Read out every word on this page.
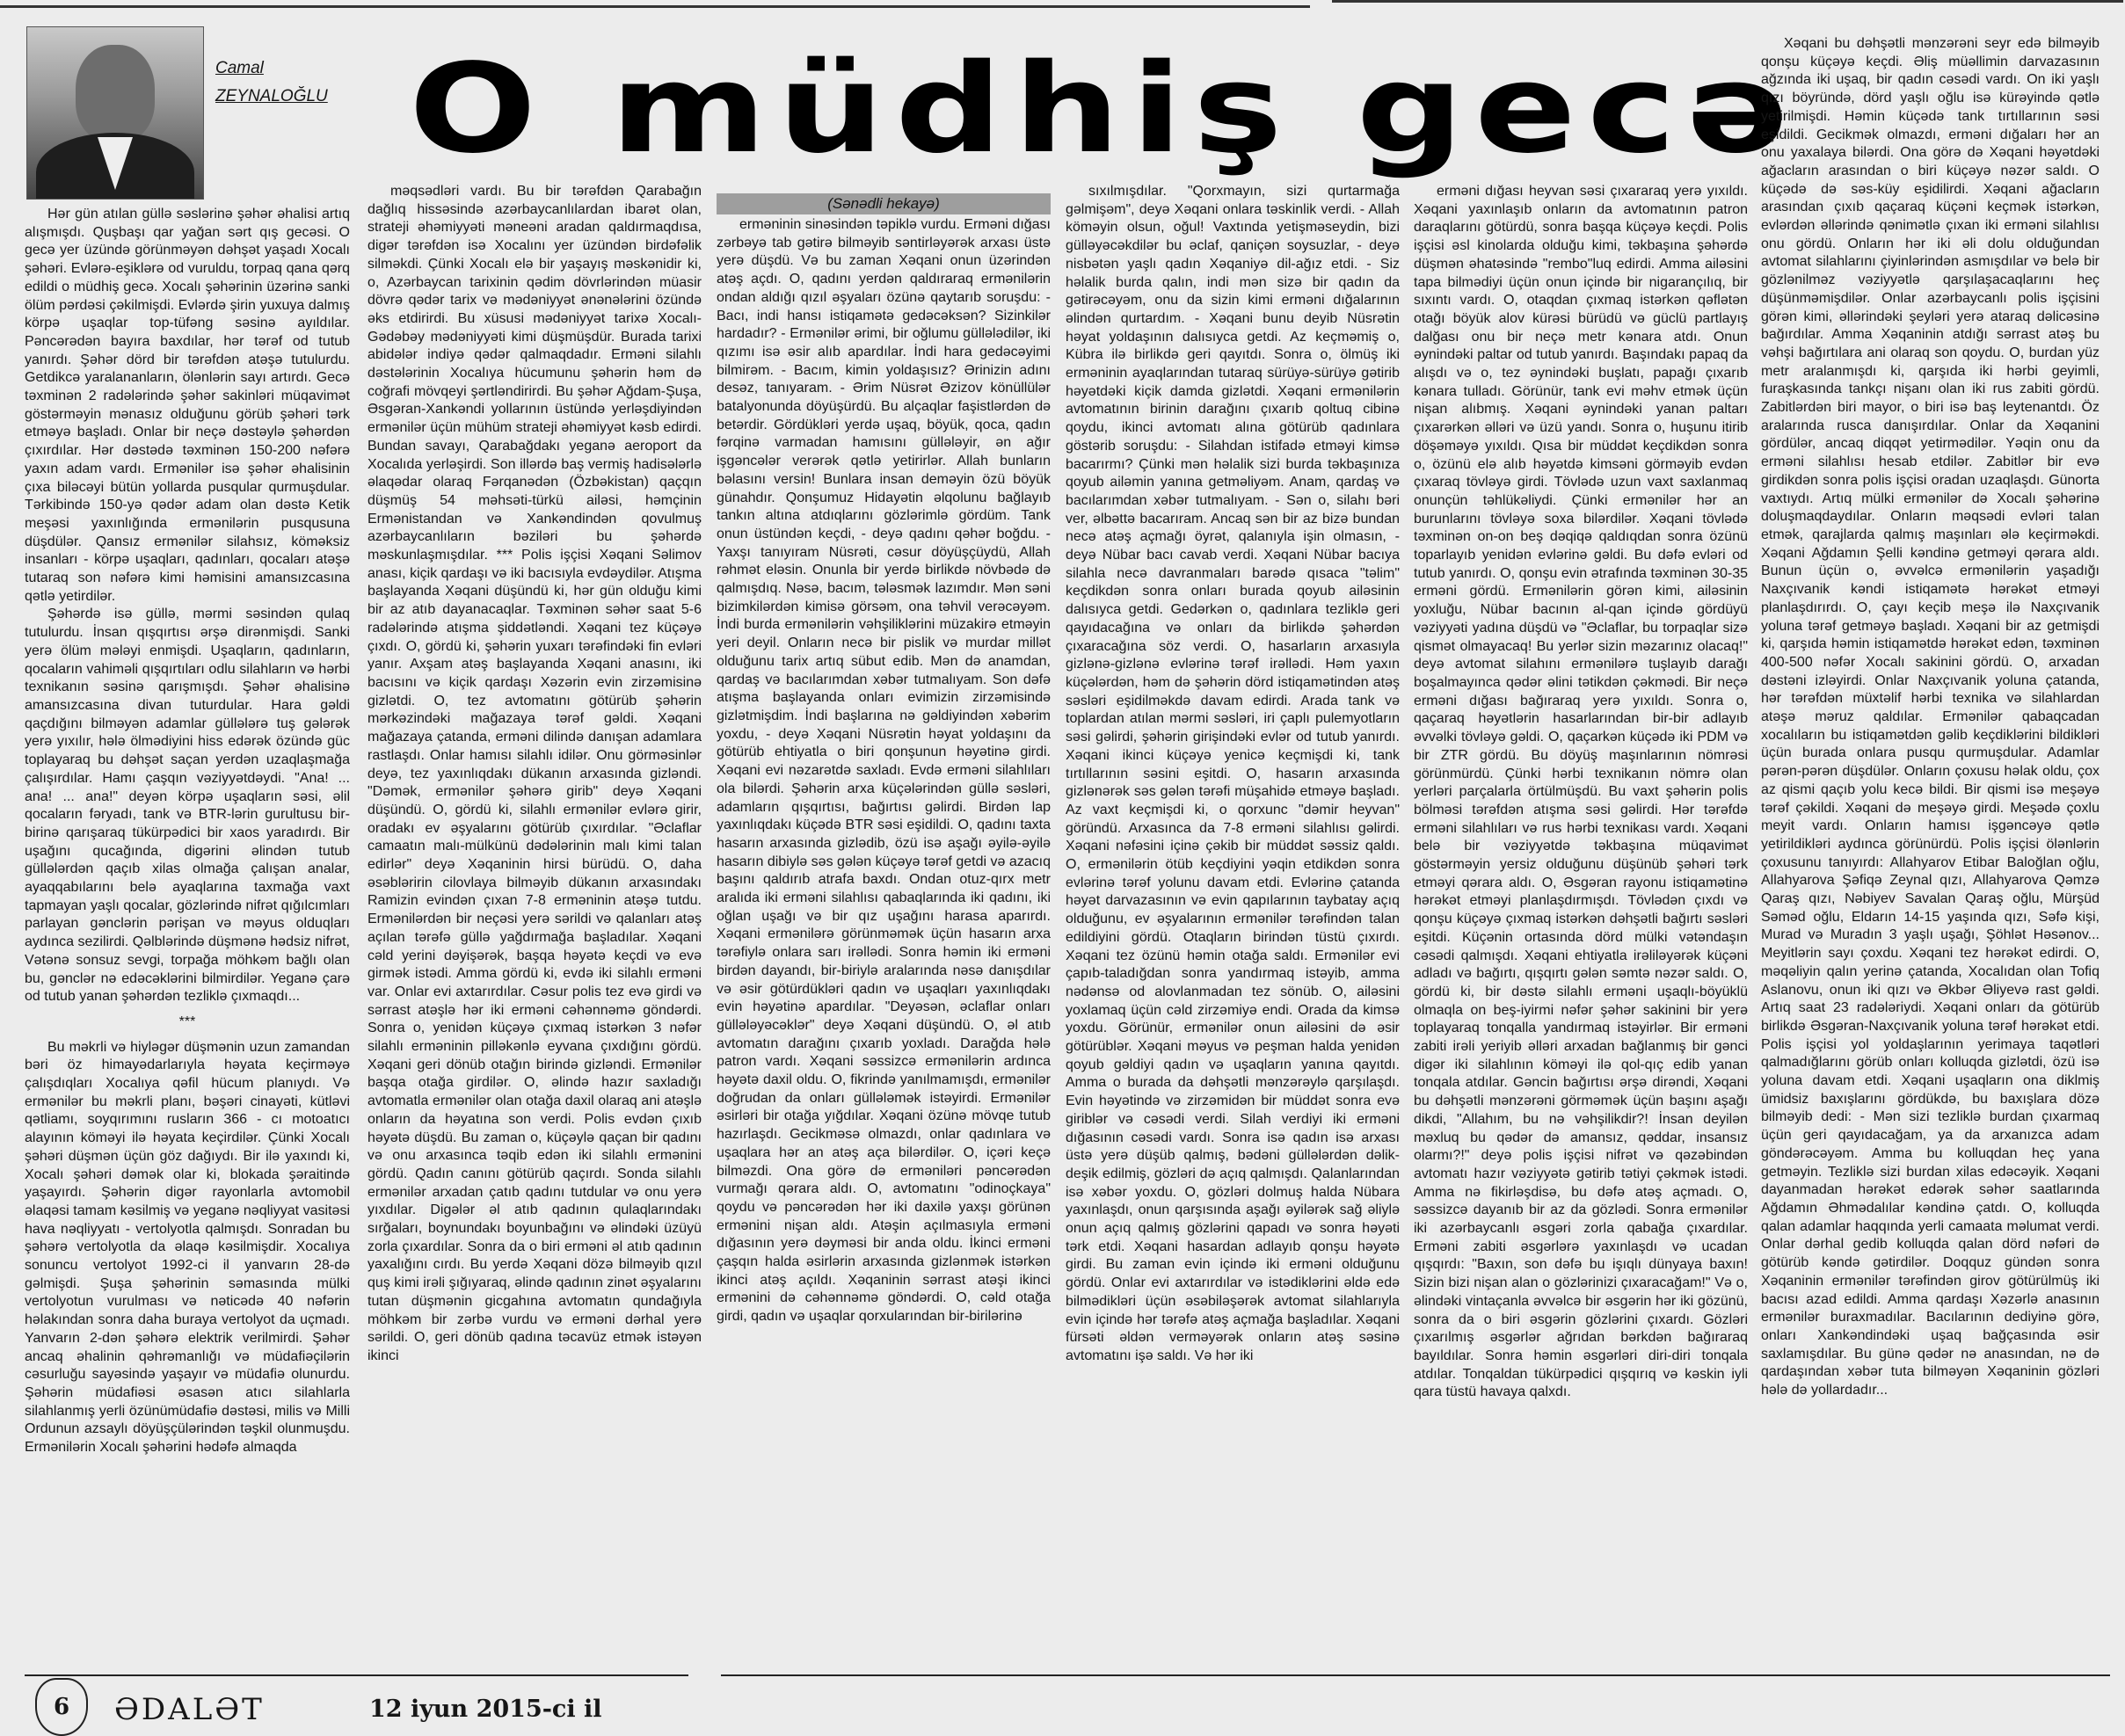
Camal
ZEYNALOĞLU O müdhiş gecə

Hər gün atılan güllə səslərinə şəhər əhalisi artıq alışmışdı. Quşbaşı qar yağan sərt qış gecəsi. O gecə yer üzündə görünməyən dəhşət yaşadı Xocalı şəhəri. Evlərə-eşiklərə od vuruldu, torpaq qana qərq edildi o müdhiş gecə. Xocalı şəhərinin üzərinə sanki ölüm pərdəsi çəkilmişdi. Evlərdə şirin yuxuya dalmış körpə uşaqlar top-tüfəng səsinə ayıldılar. Pəncərədən bayıra baxdılar, hər tərəf od tutub yanırdı. Şəhər dörd bir tərəfdən atəşə tutulurdu. Getdikcə yaralananların, ölənlərin sayı artırdı. Gecə təxminən 2 radələrində şəhər sakinləri müqavimət göstərməyin mənasız olduğunu görüb şəhəri tərk etməyə başladı. Onlar bir neçə dəstəylə şəhərdən çıxırdılar. Hər dəstədə təxminən 150-200 nəfərə yaxın adam vardı. Ermənilər isə şəhər əhalisinin çıxa biləcəyi bütün yollarda pusqular qurmuşdular. Tərkibində 150-yə qədər adam olan dəstə Ketik meşəsi yaxınlığında ermənilərin pusqusuna düşdülər. Qansız ermənilər silahsız, köməksiz insanları - körpə uşaqları, qadınları, qocaları atəşə tutaraq son nəfərə kimi həmisini amansızcasına qətlə yetirdilər.

Şəhərdə isə güllə, mərmi səsindən qulaq tutulurdu. İnsan qışqırtısı ərşə dirənmişdi. Sanki yerə ölüm mələyi enmişdi. Uşaqların, qadınların, qocaların vahiməli qışqırtıları odlu silahların və hərbi texnikanın səsinə qarışmışdı. Şəhər əhalisinə amansızcasına divan tuturdular. Hara gəldi qaçdığını bilməyən adamlar güllələrə tuş gələrək yerə yıxılır, hələ ölmədiyini hiss edərək özündə güc toplayaraq bu dəhşət saçan yerdən uzaqlaşmağa çalışırdılar. Hamı çaşqın vəziyyətdəydi. "Ana! ... ana! ... ana!" deyən körpə uşaqların səsi, əlil qocaların fəryadı, tank və BTR-lərin gurultusu bir-birinə qarışaraq tükürpədici bir xaos yaradırdı. Bir uşağını qucağında, digərini əlindən tutub güllələrdən qaçıb xilas olmağa çalışan analar, ayaqqabılarını belə ayaqlarına taxmağa vaxt tapmayan yaşlı qocalar, gözlərində nifrət qığılcımları parlayan gənclərin pərişan və məyus olduqları aydınca sezilirdi. Qəlblərində düşmənə hədsiz nifrət, Vətənə sonsuz sevgi, torpağa möhkəm bağlı olan bu, gənclər nə edəcəklərini bilmirdilər. Yeganə çarə od tutub yanan şəhərdən tezliklə çıxmaqdı...

***

Bu məkrli və hiyləgər düşmənin uzun zamandan bəri öz himayədarlarıyla həyata keçirməyə çalışdıqları Xocalıya qəfil hücum planıydı. Və ermənilər bu məkrli planı, bəşəri cinayəti, kütləvi qətliamı, soyqırımını rusların 366 - cı motoatıcı alayının köməyi ilə həyata keçirdilər. Çünki Xocalı şəhəri düşmən üçün göz dağıydı. Bir ilə yaxındı ki, Xocalı şəhəri dəmək olar ki, blokada şəraitində yaşayırdı. Şəhərin digər rayonlarla avtomobil əlaqəsi tamam kəsilmiş və yeganə nəqliyyat vasitəsi hava nəqliyyatı - vertolyotla qalmışdı. Sonradan bu şəhərə vertolyotla da əlaqə kəsilmişdir. Xocalıya sonuncu vertolyot 1992-ci il yanvarın 28-də gəlmişdi. Şuşa şəhərinin səmasında mülki vertolyotun vurulması və nəticədə 40 nəfərin həlakından sonra daha buraya vertolyot da uçmadı. Yanvarın 2-dən şəhərə elektrik verilmirdi. Şəhər ancaq əhalinin qəhrəmanlığı və müdafiəçilərin cəsurluğu sayəsində yaşayır və müdafiə olunurdu. Şəhərin müdafiəsi əsasən atıcı silahlarla silahlanmış yerli özünümüdafiə dəstəsi, milis və Milli Ordunun azsaylı döyüşçülərindən təşkil olunmuşdu. Ermənilərin Xocalı şəhərini hədəfə almaqda

məqsədləri vardı. Bu bir tərəfdən Qarabağın dağlıq hissəsində azərbaycanlılardan ibarət olan, strateji əhəmiyyəti məneəni aradan qaldırmaqdısa, digər tərəfdən isə Xocalını yer üzündən birdəfəlik silməkdi. Çünki Xocalı elə bir yaşayış məskənidir ki, o, Azərbaycan tarixinin qədim dövrlərindən müasir dövrə qədər tarix və mədəniyyət ənənələrini özündə əks etdirirdi. Bu xüsusi mədəniyyət tarixə Xocalı-Gədəbəy mədəniyyəti kimi düşmüşdür. Burada tarixi abidələr indiyə qədər qalmaqdadır. Erməni silahlı dəstələrinin Xocalıya hücumunu şəhərin həm də coğrafi mövqeyi şərtləndirirdi. Bu şəhər Ağdam-Şuşa, Əsgəran-Xankəndi yollarının üstündə yerləşdiyindən ermənilər üçün mühüm strateji əhəmiyyət kəsb edirdi. Bundan savayı, Qarabağdakı yeganə aeroport da Xocalıda yerləşirdi. Son illərdə baş vermiş hadisələrlə əlaqədar olaraq Fərqanədən (Özbəkistan) qaçqın düşmüş 54 məhsəti-türkü ailəsi, həmçinin Ermənistandan və Xankəndindən qovulmuş azərbaycanlıların bəziləri bu şəhərdə məskunlaşmışdılar. *** Polis işçisi Xəqani Səlimov anası, kiçik qardaşı və iki bacısıyla evdəydilər. Atışma başlayanda Xəqani düşündü ki, hər gün olduğu kimi bir az atıb dayanacaqlar. Təxminən səhər saat 5-6 radələrində atışma şiddətləndi. Xəqani tez küçəyə çıxdı. O, gördü ki, şəhərin yuxarı tərəfindəki fin evləri yanır. Axşam atəş başlayanda Xəqani anasını, iki bacısını və kiçik qardaşı Xəzərin evin zirzəmisinə gizlətdi. O, tez avtomatını götürüb şəhərin mərkəzindəki mağazaya tərəf gəldi. Xəqani mağazaya çatanda, erməni dilində danışan adamlara rastlaşdı. Onlar hamısı silahlı idilər. Onu görməsinlər deyə, tez yaxınlıqdakı dükanın arxasında gizləndi. "Dəmək, ermənilər şəhərə girib" deyə Xəqani düşündü. O, gördü ki, silahlı ermənilər evlərə girir, oradakı ev əşyalarını götürüb çıxırdılar. "Əclaflar camaatın malı-mülkünü dədələrinin malı kimi talan edirlər" deyə Xəqaninin hirsi bürüdü. O, daha əsəbləririn cilovlaya bilməyib dükanın arxasındakı Ramizin evindən çıxan 7-8 erməninin atəşə tutdu. Ermənilərdən bir neçəsi yerə sərildi və qalanları atəş açılan tərəfə güllə yağdırmağa başladılar. Xəqani cəld yerini dəyişərək, başqa həyətə keçdi və evə girmək istədi. Amma gördü ki, evdə iki silahlı erməni var. Onlar evi axtarırdılar. Cəsur polis tez evə girdi və sərrast atəşlə hər iki erməni cəhənnəmə göndərdi. Sonra o, yenidən küçəyə çıxmaq istərkən 3 nəfər silahlı erməninin pilləkənlə eyvana çıxdığını gördü. Xəqani geri dönüb otağın birində gizləndi. Ermənilər başqa otağa girdilər. O, əlində hazır saxladığı avtomatla ermənilər olan otağa daxil olaraq ani atəşlə onların da həyatına son verdi. Polis evdən çıxıb həyətə düşdü. Bu zaman o, küçəylə qaçan bir qadını və onu arxasınca təqib edən iki silahlı ermənini gördü. Qadın canını götürüb qaçırdı. Sonda silahlı ermənilər arxadan çatıb qadını tutdular və onu yerə yıxdılar. Digələr əl atıb qadının qulaqlarındakı sırğaları, boynundakı boyunbağını və əlindəki üzüyü zorla çıxardılar. Sonra da o biri erməni əl atıb qadının yaxalığını cırdı. Bu yerdə Xəqani dözə bilməyib qızıl quş kimi irəli şığıyaraq, əlində qadının zinət əşyalarını tutan düşmənin gicgahına avtomatın qundağıyla möhkəm bir zərbə vurdu və erməni dərhal yerə sərildi. O, geri dönüb qadına təcavüz etmək istəyən ikinci

(Sənədli hekayə)

erməninin sinəsindən təpiklə vurdu. Erməni dığası zərbəyə tab gətirə bilməyib səntirləyərək arxası üstə yerə düşdü. Və bu zaman Xəqani onun üzərindən atəş açdı. O, qadını yerdən qaldıraraq ermənilərin ondan aldığı qızıl əşyaları özünə qaytarıb soruşdu: - Bacı, indi hansı istiqamətə gedəcəksən? Sizinkilər hardadır? - Ermənilər ərimi, bir oğlumu güllələdilər, iki qızımı isə əsir alıb apardılar. İndi hara gedəcəyimi bilmirəm. - Bacım, kimin yoldaşısız? Ərinizin adını desəz, tanıyaram. - Ərim Nüsrət Əzizov könüllülər batalyonunda döyüşürdü. Bu alçaqlar faşistlərdən də betərdir. Gördükləri yerdə uşaq, böyük, qoca, qadın fərqinə varmadan hamısını güllələyir, ən ağır işgəncələr verərək qətlə yetirirlər. Allah bunların bəlasını versin! Bunlara insan deməyin özü böyük günahdır. Qonşumuz Hidayətin əlqolunu bağlayıb tankın altına atdıqlarını gözlərimlə gördüm. Tank onun üstündən keçdi, - deyə qadını qəhər boğdu. - Yaxşı tanıyıram Nüsrəti, cəsur döyüşçüydü, Allah rəhmət eləsin. Onunla bir yerdə birlikdə növbədə də qalmışdıq. Nəsə, bacım, tələsmək lazımdır. Mən səni bizimkilərdən kimisə görsəm, ona təhvil verəcəyəm. İndi burda ermənilərin vəhşiliklərini müzakirə etməyin yeri deyil. Onların necə bir pislik və murdar millət olduğunu tarix artıq sübut edib. Mən də anamdan, qardaş və bacılarımdan xəbər tutmalıyam. Son dəfə atışma başlayanda onları evimizin zirzəmisində gizlətmişdim. İndi başlarına nə gəldiyindən xəbərim yoxdu, - deyə Xəqani Nüsrətin həyat yoldaşını da götürüb ehtiyatla o biri qonşunun həyətinə girdi. Xəqani evi nəzarətdə saxladı. Evdə erməni silahlıları ola bilərdi. Şəhərin arxa küçələrindən güllə səsləri, adamların qışqırtısı, bağırtısı gəlirdi. Birdən lap yaxınlıqdakı küçədə BTR səsi eşidildi. O, qadını taxta hasarın arxasında gizlədib, özü isə aşağı əyilə-əyilə hasarın dibiylə səs gələn küçəyə tərəf getdi və azacıq başını qaldırıb atrafa baxdı. Ondan otuz-qırx metr aralıda iki erməni silahlısı qabaqlarında iki qadını, iki oğlan uşağı və bir qız uşağını harasa aparırdı. Xəqani ermənilərə görünməmək üçün hasarın arxa tərəfiylə onlara sarı irəllədi. Sonra həmin iki erməni birdən dayandı, bir-biriylə aralarında nəsə danışdılar və əsir götürdükləri qadın və uşaqları yaxınlıqdakı evin həyətinə apardılar. "Deyəsən, əclaflar onları güllələyəcəklər" deyə Xəqani düşündü. O, əl atıb avtomatın darağını çıxarıb yoxladı. Darağda hələ patron vardı. Xəqani səssizcə ermənilərin ardınca həyətə daxil oldu. O, fikrində yanılmamışdı, ermənilər doğrudan da onları güllələmək istəyirdi. Ermənilər əsirləri bir otağa yığdılar. Xəqani özünə mövqe tutub hazırlaşdı. Gecikməsə olmazdı, onlar qadınlara və uşaqlara hər an atəş aça bilərdilər. O, içəri keçə bilməzdi. Ona görə də erməniləri pəncərədən vurmağı qərara aldı. O, avtomatını "odinoçkaya" qoydu və pəncərədən hər iki daxilə yaxşı görünən ermənini nişan aldı. Atəşin açılmasıyla erməni dığasının yerə dəyməsi bir anda oldu. İkinci erməni çaşqın halda əsirlərin arxasında gizlənmək istərkən ikinci atəş açıldı. Xəqaninin sərrast atəşi ikinci ermənini də cəhənnəmə göndərdi. O, cəld otağa girdi, qadın və uşaqlar qorxularından bir-birilərinə

sıxılmışdılar. "Qorxmayın, sizi qurtarmağa gəlmişəm", deyə Xəqani onlara təskinlik verdi. - Allah köməyin olsun, oğul! Vaxtında yetişməseydin, bizi gülləyəcəkdilər bu əclaf, qaniçən soysuzlar, - deyə nisbətən yaşlı qadın Xəqaniyə dil-ağız etdi. - Siz həlalik burda qalın, indi mən sizə bir qadın da gətirəcəyəm, onu da sizin kimi erməni dığalarının əlindən qurtardım. - Xəqani bunu deyib Nüsrətin həyat yoldaşının dalısıyca getdi. Az keçməmiş o, Kübra ilə birlikdə geri qayıtdı. Sonra o, ölmüş iki erməninin ayaqlarından tutaraq sürüyə-sürüyə gətirib həyətdəki kiçik damda gizlətdi. Xəqani ermənilərin avtomatının birinin darağını çıxarıb qoltuq cibinə qoydu, ikinci avtomatı alına götürüb qadınlara göstərib soruşdu: - Silahdan istifadə etməyi kimsə bacarırmı? Çünki mən həlalik sizi burda təkbaşınıza qoyub ailəmin yanına getməliyəm. Anam, qardaş və bacılarımdan xəbər tutmalıyam. - Sən o, silahı bəri ver, əlbəttə bacarıram. Ancaq sən bir az bizə bundan necə atəş açmağı öyrət, qalanıyla işin olmasın, - deyə Nübar bacı cavab verdi. Xəqani Nübar bacıya silahla necə davranmaları barədə qısaca "təlim" keçdikdən sonra onları burada qoyub ailəsinin dalısıyca getdi. Gedərkən o, qadınlara tezliklə geri qayıdacağına və onları da birlikdə şəhərdən çıxaracağına söz verdi. O, hasarların arxasıyla gizlənə-gizlənə evlərinə tərəf irəllədi. Həm yaxın küçələrdən, həm də şəhərin dörd istiqamətindən atəş səsləri eşidilməkdə davam edirdi. Arada tank və toplardan atılan mərmi səsləri, iri çaplı pulemyotların səsi gəlirdi, şəhərin girişindəki evlər od tutub yanırdı. Xəqani ikinci küçəyə yenicə keçmişdi ki, tank tırtıllarının səsini eşitdi. O, hasarın arxasında gizlənərək səs gələn tərəfi müşahidə etməyə başladı. Az vaxt keçmişdi ki, o qorxunc "dəmir heyvan" göründü. Arxasınca da 7-8 erməni silahlısı gəlirdi. Xəqani nəfəsini içinə çəkib bir müddət səssiz qaldı. O, ermənilərin ötüb keçdiyini yəqin etdikdən sonra evlərinə tərəf yolunu davam etdi. Evlərinə çatanda həyət darvazasının və evin qapılarının taybatay açıq olduğunu, ev əşyalarının ermənilər tərəfindən talan edildiyini gördü. Otaqların birindən tüstü çıxırdı. Xəqani tez özünü həmin otağa saldı. Ermənilər evi çapıb-taladığdan sonra yandırmaq istəyib, amma nədənsə od alovlanmadan tez sönüb. O, ailəsini yoxlamaq üçün cəld zirzəmiyə endi. Orada da kimsə yoxdu. Görünür, ermənilər onun ailəsini də əsir götürüblər. Xəqani məyus və peşman halda yenidən qoyub gəldiyi qadın və uşaqların yanına qayıtdı. Amma o burada da dəhşətli mənzərəylə qarşılaşdı. Evin həyətində və zirzəmidən bir müddət sonra evə giriblər və cəsədi verdi. Silah verdiyi iki erməni dığasının cəsədi vardı. Sonra isə qadın isə arxası üstə yerə düşüb qalmış, bədəni güllələrdən dəlik-deşik edilmiş, gözləri də açıq qalmışdı. Qalanlarından isə xəbər yoxdu. O, gözləri dolmuş halda Nübara yaxınlaşdı, onun qarşısında aşağı əyilərək sağ əliylə onun açıq qalmış gözlərini qapadı və sonra həyəti tərk etdi. Xəqani hasardan adlayıb qonşu həyətə girdi. Bu zaman evin içində iki erməni olduğunu gördü. Onlar evi axtarırdılar və istədiklərini əldə edə bilmədikləri üçün əsəbiləşərək avtomat silahlarıyla evin içində hər tərəfə atəş açmağa başladılar. Xəqani fürsəti əldən verməyərək onların atəş səsinə avtomatını işə saldı. Və hər iki

erməni dığası heyvan səsi çıxararaq yerə yıxıldı. Xəqani yaxınlaşıb onların da avtomatının patron daraqlarını götürdü, sonra başqa küçəyə keçdi. Polis işçisi əsl kinolarda olduğu kimi, təkbaşına şəhərdə düşmən əhatəsində "rembo"luq edirdi. Amma ailəsini tapa bilmədiyi üçün onun içində bir nigarançılıq, bir sıxıntı vardı. O, otaqdan çıxmaq istərkən qəflətən otağı böyük alov kürəsi bürüdü və güclü partlayış dalğası onu bir neçə metr kənara atdı. Onun əynindəki paltar od tutub yanırdı. Başındakı papaq da alışdı və o, tez əynindəki buşlatı, papağı çıxarıb kənara tulladı. Görünür, tank evi məhv etmək üçün nişan alıbmış. Xəqani əynindəki yanan paltarı çıxarərkən əlləri və üzü yandı. Sonra o, huşunu itirib döşəməyə yıxıldı. Qısa bir müddət keçdikdən sonra o, özünü elə alıb həyətdə kimsəni görməyib evdən çıxaraq tövləyə girdi. Tövlədə uzun vaxt saxlanmaq onunçün təhlükəliydi. Çünki ermənilər hər an burunlarını tövləyə soxa bilərdilər. Xəqani tövlədə təxminən on-on beş dəqiqə qaldıqdan sonra özünü toparlayıb yenidən evlərinə gəldi. Bu dəfə evləri od tutub yanırdı. O, qonşu evin ətrafında təxminən 30-35 erməni gördü. Ermənilərin görən kimi, ailəsinin yoxluğu, Nübar bacının al-qan içində gördüyü vəziyyəti yadına düşdü və "Əclaflar, bu torpaqlar sizə qismət olmayacaq! Bu yerlər sizin məzarınız olacaq!" deyə avtomat silahını ermənilərə tuşlayıb darağı boşalmayınca qədər əlini tətikdən çəkmədi. Bir neçə erməni dığası bağıraraq yerə yıxıldı. Sonra o, qaçaraq həyətlərin hasarlarından bir-bir adlayıb əvvəlki tövləyə gəldi. O, qaçarkən küçədə iki PDM və bir ZTR gördü. Bu döyüş maşınlarının nömrəsi görünmürdü. Çünki hərbi texnikanın nömrə olan yerləri parçalarla örtülmüşdü. Bu vaxt şəhərin polis bölməsi tərəfdən atışma səsi gəlirdi. Hər tərəfdə erməni silahlıları və rus hərbi texnikası vardı. Xəqani belə bir vəziyyətdə təkbaşına müqavimət göstərməyin yersiz olduğunu düşünüb şəhəri tərk etməyi qərara aldı. O, Əsgəran rayonu istiqamətinə hərəkət etməyi planlaşdırmışdı. Tövlədən çıxdı və qonşu küçəyə çıxmaq istərkən dəhşətli bağırtı səsləri eşitdi. Küçənin ortasında dörd mülki vətəndaşın cəsədi qalmışdı. Xəqani ehtiyatla irəliləyərək küçəni adladı və bağırtı, qışqırtı gələn səmtə nəzər saldı. O, gördü ki, bir dəstə silahlı erməni uşaqlı-böyüklü olmaqla on beş-iyirmi nəfər şəhər sakinini bir yerə toplayaraq tonqalla yandırmaq istəyirlər. Bir erməni zabiti irəli yeriyib əlləri arxadan bağlanmış bir gənci digər iki silahlının köməyi ilə qol-qıç edib yanan tonqala atdılar. Gəncin bağırtısı ərşə dirəndi, Xəqani bu dəhşətli mənzərəni görməmək üçün başını aşağı dikdi, "Allahım, bu nə vəhşilikdir?! İnsan deyilən məxluq bu qədər də amansız, qəddar, insansız olarmı?!" deyə polis işçisi nifrət və qəzəbindən avtomatı hazır vəziyyətə gətirib tətiyi çəkmək istədi. Amma nə fikirləşdisə, bu dəfə atəş açmadı. O, səssizcə dayanıb bir az da gözlədi. Sonra ermənilər iki azərbaycanlı əsgəri zorla qabağa çıxardılar. Erməni zabiti əsgərlərə yaxınlaşdı və ucadan qışqırdı: "Baxın, son dəfə bu işıqlı dünyaya baxın! Sizin bizi nişan alan o gözlərinizi çıxaracağam!" Və o, əlindəki vintaçanla əvvəlcə bir əsgərin hər iki gözünü, sonra da o biri əsgərin gözlərini çıxardı. Gözləri çıxarılmış əsgərlər ağrıdan bərkdən bağıraraq bayıldılar. Sonra həmin əsgərləri diri-diri tonqala atdılar. Tonqaldan tükürpədici qışqırıq və kəskin iyli qara tüstü havaya qalxdı.

Xəqani bu dəhşətli mənzərəni seyr edə bilməyib qonşu küçəyə keçdi. Əliş müəllimin darvazasının ağzında iki uşaq, bir qadın cəsədi vardı. On iki yaşlı qızı böyründə, dörd yaşlı oğlu isə kürəyində qətlə yetirilmişdi. Həmin küçədə tank tırtıllarının səsi eşidildi. Gecikmək olmazdı, erməni dığaları hər an onu yaxalaya bilərdi. Ona görə də Xəqani həyətdəki ağacların arasından o biri küçəyə nəzər saldı. O küçədə də səs-küy eşidilirdi. Xəqani ağacların arasından çıxıb qaçaraq küçəni keçmək istərkən, evlərdən əllərində qənimətlə çıxan iki erməni silahlısı onu gördü. Onların hər iki əli dolu olduğundan avtomat silahlarını çiyinlərindən asmışdılar və belə bir gözlənilməz vəziyyətlə qarşılaşacaqlarını heç düşünməmişdilər. Onlar azərbaycanlı polis işçisini görən kimi, əllərindəki şeyləri yerə ataraq dəlicəsinə bağırdılar. Amma Xəqaninin atdığı sərrast atəş bu vəhşi bağırtılara ani olaraq son qoydu. O, burdan yüz metr aralanmışdı ki, qarşıda iki hərbi geyimli, furaşkasında tankçı nişanı olan iki rus zabiti gördü. Zabitlərdən biri mayor, o biri isə baş leytenantdı. Öz aralarında rusca danışırdılar. Onlar da Xəqanini gördülər, ancaq diqqət yetirmədilər. Yəqin onu da erməni silahlısı hesab etdilər. Zabitlər bir evə girdikdən sonra polis işçisi oradan uzaqlaşdı. Günorta vaxtıydı. Artıq mülki ermənilər də Xocalı şəhərinə doluşmaqdaydılar. Onların məqsədi evləri talan etmək, qarajlarda qalmış maşınları ələ keçirməkdi. Xəqani Ağdamın Şelli kəndinə getməyi qərara aldı. Bunun üçün o, əvvəlcə ermənilərin yaşadığı Naxçıvanik kəndi istiqamətə hərəkət etməyi planlaşdırırdı. O, çayı keçib meşə ilə Naxçıvanik yoluna tərəf getməyə başladı. Xəqani bir az getmişdi ki, qarşıda həmin istiqamətdə hərəkət edən, təxminən 400-500 nəfər Xocalı sakinini gördü. O, arxadan dəstəni izləyirdi. Onlar Naxçıvanik yoluna çatanda, hər tərəfdən müxtəlif hərbi texnika və silahlardan atəşə məruz qaldılar. Ermənilər qabaqcadan xocalıların bu istiqamətdən gəlib keçdiklərini bildikləri üçün burada onlara pusqu qurmuşdular. Adamlar pərən-pərən düşdülər. Onların çoxusu həlak oldu, çox az qismi qaçıb yolu kecə bildi. Bir qismi isə meşəyə tərəf çəkildi. Xəqani də meşəyə girdi. Meşədə çoxlu meyit vardı. Onların hamısı işgəncəyə qətlə yetirildikləri aydınca görünürdü. Polis işçisi ölənlərin çoxusunu tanıyırdı: Allahyarov Etibar Baloğlan oğlu, Allahyarova Şəfiqə Zeynal qızı, Allahyarova Qəmzə Qaraş qızı, Nəbiyev Savalan Qaraş oğlu, Mürşüd Səməd oğlu, Eldarın 14-15 yaşında qızı, Səfə kişi, Murad və Muradın 3 yaşlı uşağı, Şöhlət Həsənov... Meyitlərin sayı çoxdu. Xəqani tez hərəkət edirdi. O, məqəliyin qalın yerinə çatanda, Xocalıdan olan Tofiq Aslanovu, onun iki qızı və Əkbər Əliyevə rast gəldi. Artıq saat 23 radələriydi. Xəqani onları da götürüb birlikdə Əsgəran-Naxçıvanik yoluna tərəf hərəkət etdi. Polis işçisi yol yoldaşlarının yerimaya taqətləri qalmadığlarını görüb onları kolluqda gizlətdi, özü isə yoluna davam etdi. Xəqani uşaqların ona diklmiş ümidsiz baxışlarını gördükdə, bu baxışlara dözə bilməyib dedi: - Mən sizi tezliklə burdan çıxarmaq üçün geri qayıdacağam, ya da arxanızca adam göndərəcəyəm. Amma bu kolluqdan heç yana getməyin. Tezliklə sizi burdan xilas edəcəyik. Xəqani dayanmadan hərəkət edərək səhər saatlarında Ağdamın Əhmədalılar kəndinə çatdı. O, kolluqda qalan adamlar haqqında yerli camaata məlumat verdi. Onlar dərhal gedib kolluqda qalan dörd nəfəri də götürüb kəndə gətirdilər. Doqquz gündən sonra Xəqaninin ermənilər tərəfindən girov götürülmüş iki bacısı azad edildi. Amma qardaşı Xəzərlə anasının ermənilər buraxmadılar. Bacılarının dediyinə görə, onları Xankəndindəki uşaq bağçasında əsir saxlamışdılar. Bu günə qədər nə anasından, nə də qardaşından xəbər tuta bilməyən Xəqaninin gözləri hələ də yollardadır...

6 ƏDALƏT	12 iyun 2015-ci il
